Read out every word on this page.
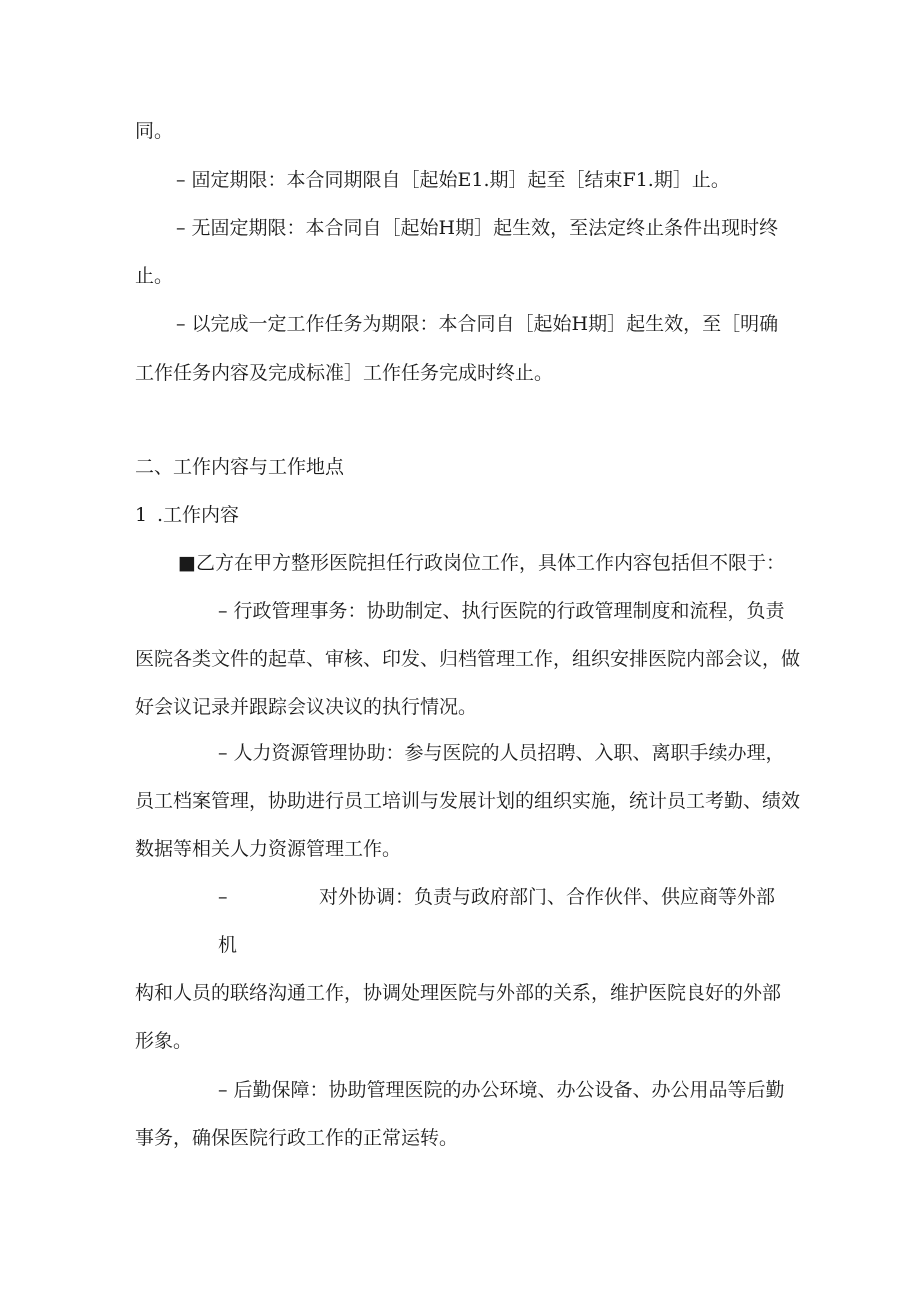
同。
– 固定期限：本合同期限自［起始E1.期］起至［结束F1.期］止。
– 无固定期限：本合同自［起始H期］起生效，至法定终止条件出现时终
止。
– 以完成一定工作任务为期限：本合同自［起始H期］起生效，至［明确
工作任务内容及完成标准］工作任务完成时终止。
二、工作内容与工作地点
1 .工作内容
■乙方在甲方整形医院担任行政岗位工作，具体工作内容包括但不限于：
– 行政管理事务：协助制定、执行医院的行政管理制度和流程，负责
医院各类文件的起草、审核、印发、归档管理工作，组织安排医院内部会议，做
好会议记录并跟踪会议决议的执行情况。
– 人力资源管理协助：参与医院的人员招聘、入职、离职手续办理，
员工档案管理，协助进行员工培训与发展计划的组织实施，统计员工考勤、绩效
数据等相关人力资源管理工作。
–	对外协调：负责与政府部门、合作伙伴、供应商等外部
机
构和人员的联络沟通工作，协调处理医院与外部的关系，维护医院良好的外部
形象。
– 后勤保障：协助管理医院的办公环境、办公设备、办公用品等后勤
事务，确保医院行政工作的正常运转。
